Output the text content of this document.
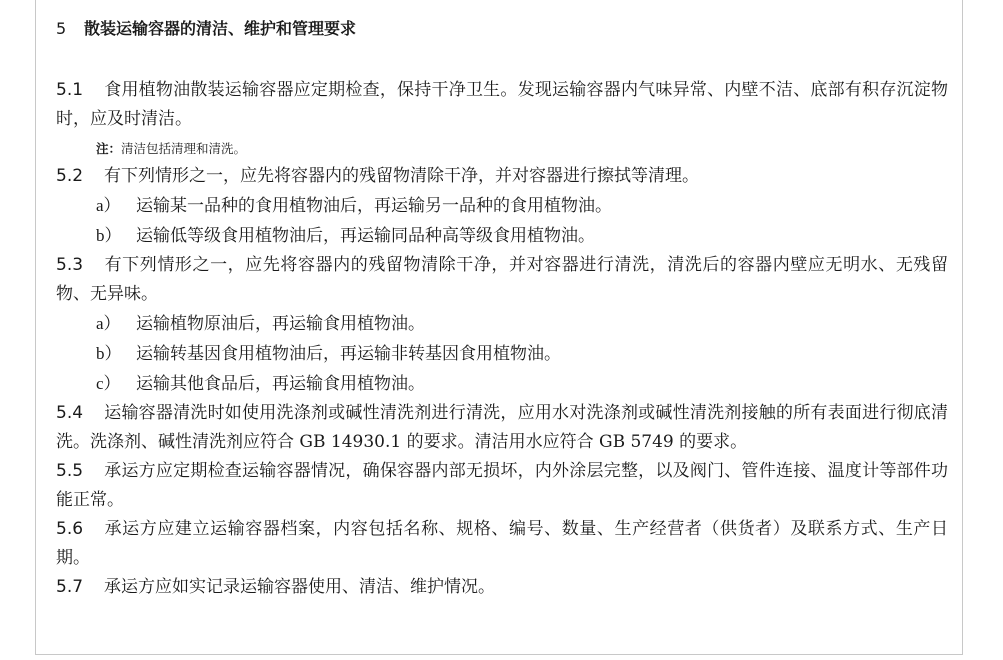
5 散装运输容器的清洁、维护和管理要求

5.1 食用植物油散装运输容器应定期检查，保持干净卫生。发现运输容器内气味异常、内壁不洁、底部有积存沉淀物时，应及时清洁。

注：清洁包括清理和清洗。

5.2 有下列情形之一，应先将容器内的残留物清除干净，并对容器进行擦拭等清理。

a） 运输某一品种的食用植物油后，再运输另一品种的食用植物油。

b） 运输低等级食用植物油后，再运输同品种高等级食用植物油。

5.3 有下列情形之一，应先将容器内的残留物清除干净，并对容器进行清洗，清洗后的容器内壁应无明水、无残留物、无异味。

a） 运输植物原油后，再运输食用植物油。

b） 运输转基因食用植物油后，再运输非转基因食用植物油。

c） 运输其他食品后，再运输食用植物油。

5.4 运输容器清洗时如使用洗涤剂或碱性清洗剂进行清洗，应用水对洗涤剂或碱性清洗剂接触的所有表面进行彻底清洗。洗涤剂、碱性清洗剂应符合 GB 14930.1 的要求。清洁用水应符合 GB 5749 的要求。

5.5 承运方应定期检查运输容器情况，确保容器内部无损坏，内外涂层完整，以及阀门、管件连接、温度计等部件功能正常。

5.6 承运方应建立运输容器档案，内容包括名称、规格、编号、数量、生产经营者（供货者）及联系方式、生产日期。

5.7 承运方应如实记录运输容器使用、清洁、维护情况。
